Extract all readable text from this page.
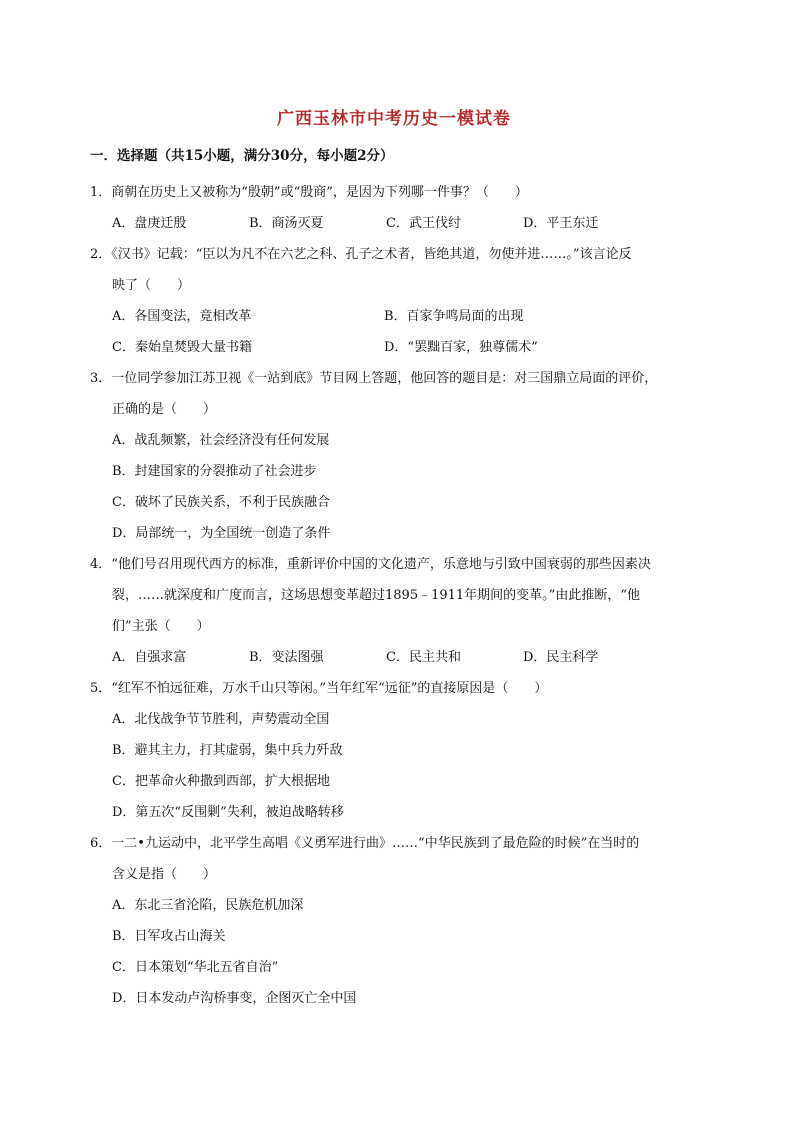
广西玉林市中考历史一模试卷
一．选择题（共15小题，满分30分，每小题2分）
1．商朝在历史上又被称为“殷朝”或“殷商”，是因为下列哪一件事？（　　）
A．盘庚迁殷	B．商汤灭夏	C．武王伐纣	D．平王东迁
2．《汉书》记载：“臣以为凡不在六艺之科、孔子之术者，皆绝其道，勿使并进……。”该言论反
映了（　　）
A．各国变法，竟相改革	B．百家争鸣局面的出现
C．秦始皇焚毁大量书籍	D．“罢黜百家，独尊儒术”
3．一位同学参加江苏卫视《一站到底》节目网上答题，他回答的题目是：对三国鼎立局面的评价，
正确的是（　　）
A．战乱频繁，社会经济没有任何发展
B．封建国家的分裂推动了社会进步
C．破坏了民族关系，不利于民族融合
D．局部统一，为全国统一创造了条件
4．“他们号召用现代西方的标准，重新评价中国的文化遗产，乐意地与引致中国衰弱的那些因素决
裂，……就深度和广度而言，这场思想变革超过1895﹣1911年期间的变革。”由此推断，“他
们”主张（　　）
A．自强求富	B．变法图强	C．民主共和	D．民主科学
5．“红军不怕远征难，万水千山只等闲。”当年红军“远征”的直接原因是（　　）
A．北伐战争节节胜利，声势震动全国
B．避其主力，打其虚弱，集中兵力歼敌
C．把革命火种撒到西部，扩大根据地
D．第五次“反围剿”失利，被迫战略转移
6．一二•九运动中，北平学生高唱《义勇军进行曲》……“中华民族到了最危险的时候”在当时的
含义是指（　　）
A．东北三省沦陷，民族危机加深
B．日军攻占山海关
C．日本策划“华北五省自治”
D．日本发动卢沟桥事变，企图灭亡全中国
